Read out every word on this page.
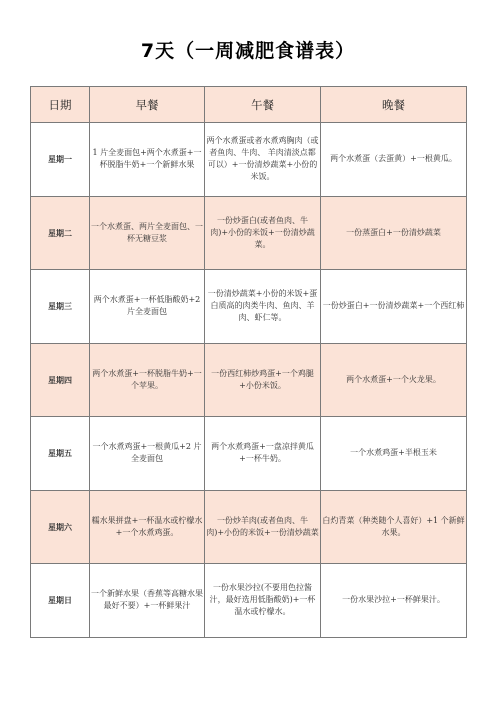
7天（一周减肥食谱表）
日期	早餐	午餐	晚餐
星期一	1 片全麦面包+两个水煮蛋+一杯脱脂牛奶+一个新鲜水果	两个水煮蛋或者水煮鸡胸肉（或者鱼肉、牛肉、 羊肉清淡点都可以）+一份清炒蔬菜+小份的米饭。	两个水煮蛋（去蛋黄）+一根黄瓜。
星期二	一个水煮蛋、两片全麦面包、一杯无糖豆浆	一份炒蛋白(或者鱼肉、牛肉)+小份的米饭+一份清炒蔬菜。	一份蒸蛋白+一份清炒蔬菜
星期三	两个水煮蛋+一杯低脂酸奶+2 片全麦面包	一份清炒蔬菜+小份的米饭+蛋白质高的肉类牛肉、鱼肉、羊肉、虾仁等。	一份炒蛋白+一份清炒蔬菜+一个西红柿
星期四	两个水煮蛋+一杯脱脂牛奶+一个苹果。	一份西红柿炒鸡蛋+一个鸡腿+小份米饭。	两个水煮蛋+一个火龙果。
星期五	一个水煮鸡蛋+一根黄瓜+2 片全麦面包	两个水煮鸡蛋+一盘凉拌黄瓜+一杯牛奶。	一个水煮鸡蛋+半根玉米
星期六	糯水果拼盘+一杯温水或柠檬水+一个水煮鸡蛋。	一份炒羊肉(或者鱼肉、牛肉)+小份的米饭+一份清炒蔬菜	白灼青菜（种类随个人喜好）+1 个新鲜水果。
星期日	一个新鲜水果（香蕉等高糖水果最好不要）+一杯鲜果汁	一份水果沙拉(不要用色拉酱汁，最好选用低脂酸奶)+一杯温水或柠檬水。	一份水果沙拉+一杯鲜果汁。
